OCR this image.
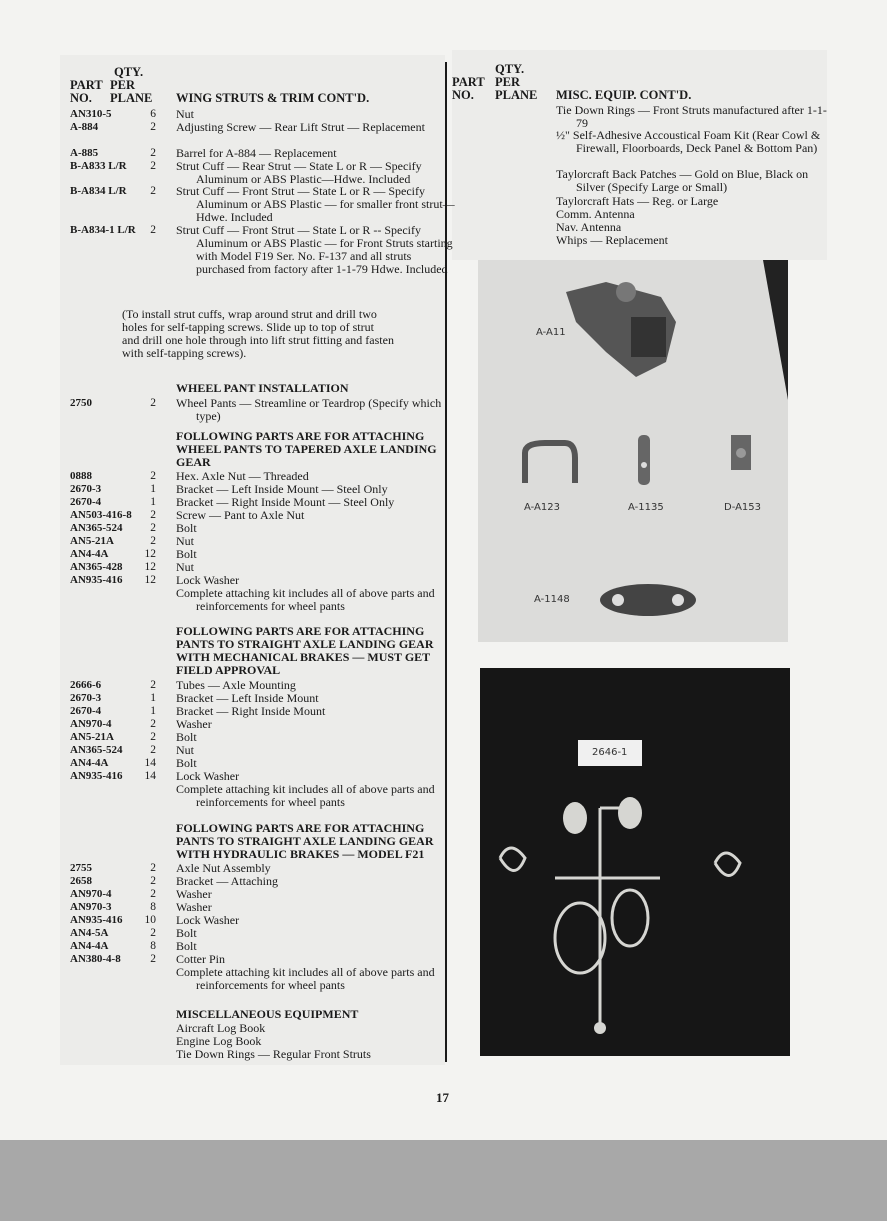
QTY.
PART PER
NO. PLANE WING STRUTS & TRIM CONT'D.
AN310-5	6 Nut
A-884	2 Adjusting Screw — Rear Lift Strut — Replacement
A-885	2 Barrel for A-884 — Replacement
B-A833 L/R	2 Strut Cuff — Rear Strut — State L or R — Specify Aluminum or ABS Plastic—Hdwe. Included
B-A834 L/R	2 Strut Cuff — Front Strut — State L or R — Specify Aluminum or ABS Plastic — for smaller front strut—Hdwe. Included
B-A834-1 L/R	2 Strut Cuff — Front Strut — State L or R -- Specify Aluminum or ABS Plastic — for Front Struts starting with Model F19 Ser. No. F-137 and all struts purchased from factory after 1-1-79 Hdwe. Included
(To install strut cuffs, wrap around strut and drill two holes for self-tapping screws. Slide up to top of strut and drill one hole through into lift strut fitting and fasten with self-tapping screws).
WHEEL PANT INSTALLATION
2750	2 Wheel Pants — Streamline or Teardrop (Specify which type)
FOLLOWING PARTS ARE FOR ATTACHING WHEEL PANTS TO TAPERED AXLE LANDING GEAR
0888	2 Hex. Axle Nut — Threaded
2670-3	1 Bracket — Left Inside Mount — Steel Only
2670-4	1 Bracket — Right Inside Mount — Steel Only
AN503-416-8	2 Screw — Pant to Axle Nut
AN365-524	2 Bolt
AN5-21A	2 Nut
AN4-4A	12 Bolt
AN365-428	12 Nut
AN935-416	12 Lock Washer
Complete attaching kit includes all of above parts and reinforcements for wheel pants
FOLLOWING PARTS ARE FOR ATTACHING PANTS TO STRAIGHT AXLE LANDING GEAR WITH MECHANICAL BRAKES — MUST GET FIELD APPROVAL
2666-6	2 Tubes — Axle Mounting
2670-3	1 Bracket — Left Inside Mount
2670-4	1 Bracket — Right Inside Mount
AN970-4	2 Washer
AN5-21A	2 Bolt
AN365-524	2 Nut
AN4-4A	14 Bolt
AN935-416	14 Lock Washer
Complete attaching kit includes all of above parts and reinforcements for wheel pants
FOLLOWING PARTS ARE FOR ATTACHING PANTS TO STRAIGHT AXLE LANDING GEAR WITH HYDRAULIC BRAKES — MODEL F21
2755	2 Axle Nut Assembly
2658	2 Bracket — Attaching
AN970-4	2 Washer
AN970-3	8 Washer
AN935-416	10 Lock Washer
AN4-5A	2 Bolt
AN4-4A	8 Bolt
AN380-4-8	2 Cotter Pin
Complete attaching kit includes all of above parts and reinforcements for wheel pants
MISCELLANEOUS EQUIPMENT
Aircraft Log Book
Engine Log Book
Tie Down Rings — Regular Front Struts
QTY.
PART PER
NO. PLANE MISC. EQUIP. CONT'D.
Tie Down Rings — Front Struts manufactured after 1-1-79
½" Self-Adhesive Accoustical Foam Kit (Rear Cowl & Firewall, Floorboards, Deck Panel & Bottom Pan)
Taylorcraft Back Patches — Gold on Blue, Black on Silver (Specify Large or Small)
Taylorcraft Hats — Reg. or Large
Comm. Antenna
Nav. Antenna
Whips — Replacement
A-A11
A-A123	A-1135	D-A153
A-1148
2646-1
17
